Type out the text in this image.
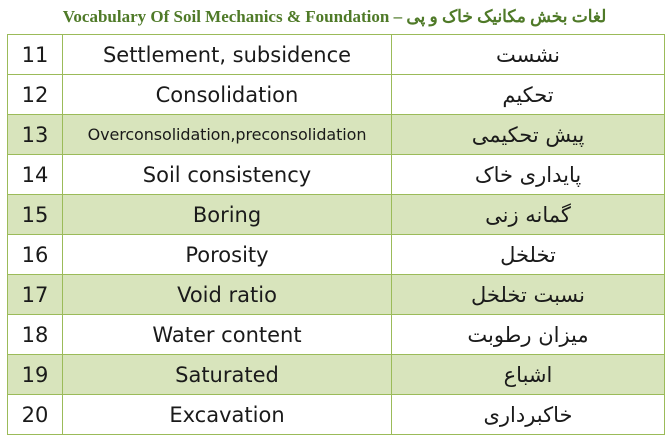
Vocabulary Of Soil Mechanics & Foundation – لغات بخش مکانیک خاک و پی
11	Settlement, subsidence	نشست
12	Consolidation	تحکیم
13	Overconsolidation,preconsolidation	پیش تحکیمی
14	Soil consistency	پایداری خاک
15	Boring	گمانه زنی
16	Porosity	تخلخل
17	Void ratio	نسبت تخلخل
18	Water content	میزان رطوبت
19	Saturated	اشباع
20	Excavation	خاکبرداری
